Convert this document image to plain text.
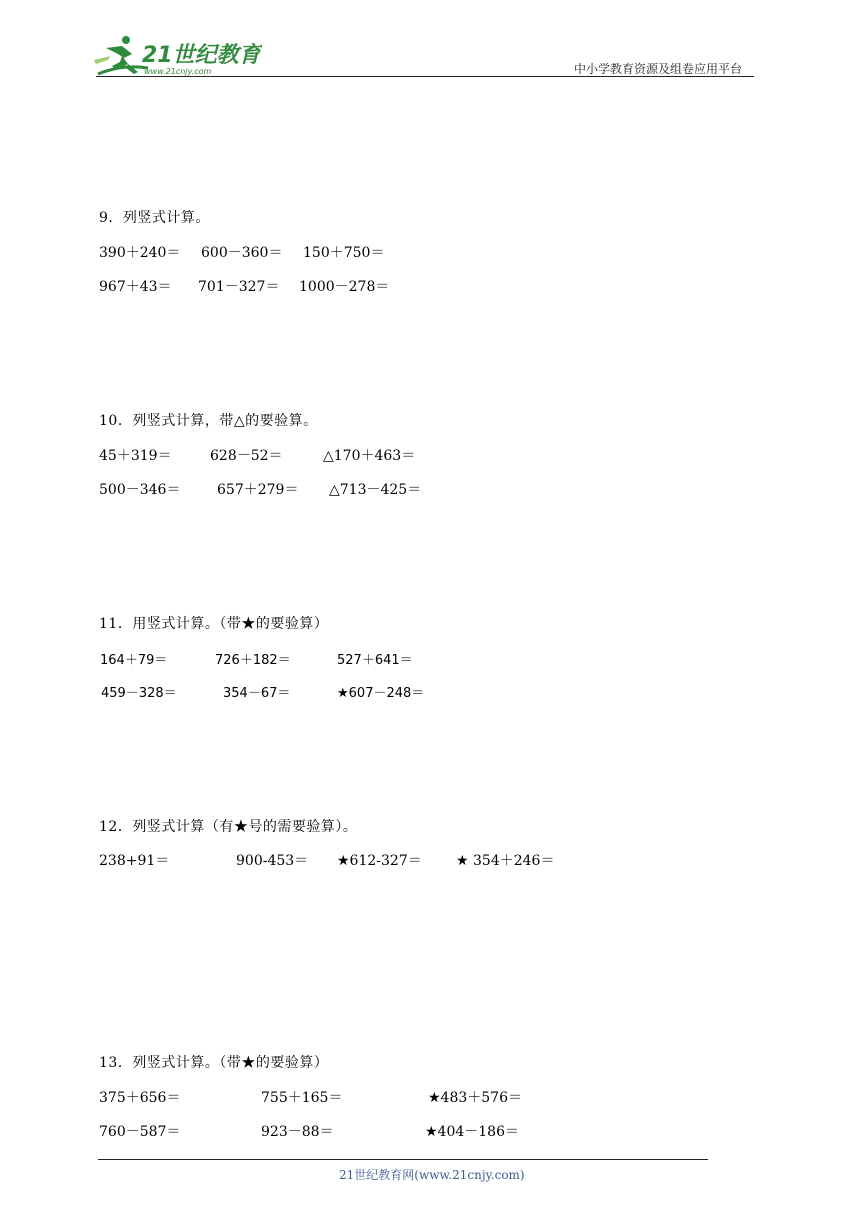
21世纪教育
www.21cnjy.com	中小学教育资源及组卷应用平台
9．列竖式计算。
390＋240＝ 600－360＝ 150＋750＝
967＋43＝ 701－327＝ 1000－278＝
10．列竖式计算，带△的要验算。
45＋319＝	628－52＝	△170＋463＝
500－346＝	657＋279＝ △713－425＝
11．用竖式计算。（带★的要验算）
164＋79＝	726＋182＝	527＋641＝
459－328＝	354－67＝	★607－248＝
12．列竖式计算（有★号的需要验算）。
238+91＝	900-453＝ ★612-327＝ ★ 354＋246＝
13．列竖式计算。（带★的要验算）
375＋656＝	755＋165＝	★483＋576＝
760－587＝	923－88＝	★404－186＝
21世纪教育网(www.21cnjy.com)
